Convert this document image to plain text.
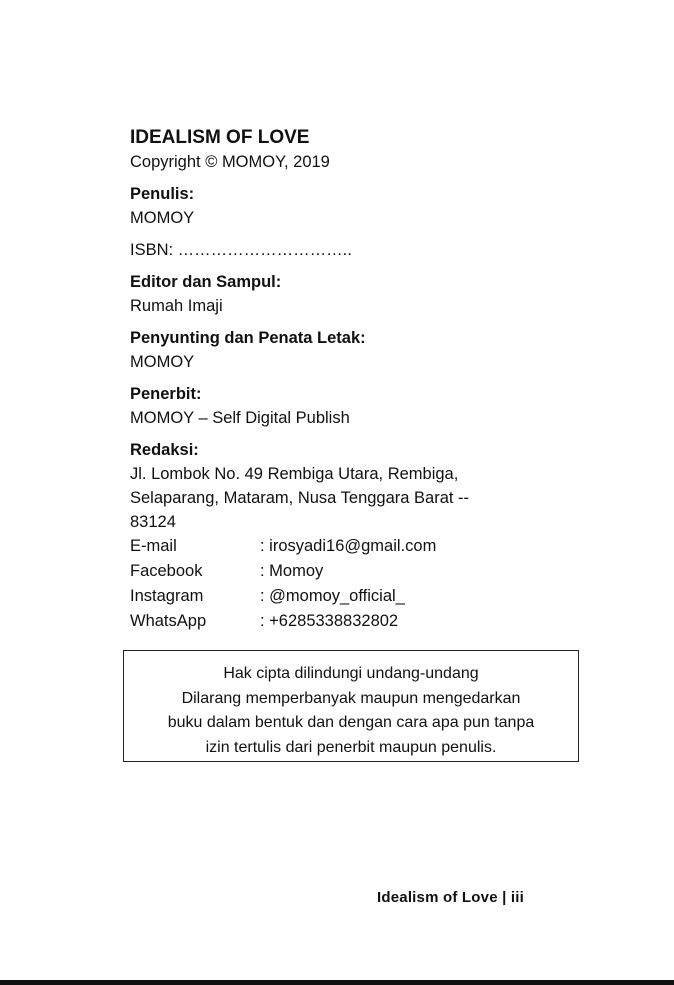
IDEALISM OF LOVE

Copyright © MOMOY, 2019

Penulis:

MOMOY

ISBN: …………………………..

Editor dan Sampul:

Rumah Imaji

Penyunting dan Penata Letak:

MOMOY

Penerbit:

MOMOY – Self Digital Publish

Redaksi:

Jl. Lombok No. 49 Rembiga Utara, Rembiga,

Selaparang, Mataram, Nusa Tenggara Barat --

83124

E-mail	: irosyadi16@gmail.com
Facebook	: Momoy
Instagram	: @momoy_official_
WhatsApp	: +6285338832802
Hak cipta dilindungi undang-undang
Dilarang memperbanyak maupun mengedarkan
buku dalam bentuk dan dengan cara apa pun tanpa
izin tertulis dari penerbit maupun penulis.
Idealism of Love | iii
